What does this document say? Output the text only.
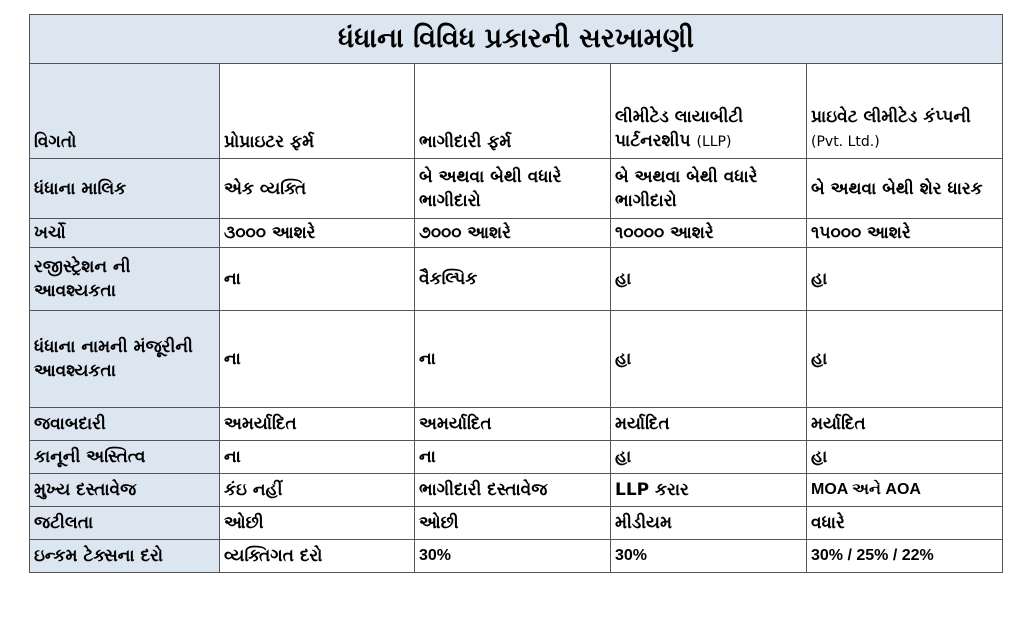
ધંધાના વિવિધ પ્રકારની સરખામણી				
વિગતો	પ્રોપ્રાઇટર ફર્મ	ભાગીદારી ફર્મ	લીમીટેડ લાયાબીટી પાર્ટનરશીપ (LLP)	પ્રાઇવેટ લીમીટેડ કંપ્પની (Pvt. Ltd.)
ધંધાના માલિક	એક વ્યક્તિ	બે અથવા બેથી વધારે ભાગીદારો	બે અથવા બેથી વધારે ભાગીદારો	બે અથવા બેથી શેર ધારક
ખર્ચો	૩૦૦૦ આશરે	૭૦૦૦ આશરે	૧૦૦૦૦ આશરે	૧૫૦૦૦ આશરે
રજીસ્ટ્રેશન ની આવશ્યકતા	ના	વૈકલ્પિક	હા	હા
ધંધાના નામની મંજૂરીની આવશ્યકતા	ના	ના	હા	હા
જવાબદારી	અમર્યાદિત	અમર્યાદિત	મર્યાદિત	મર્યાદિત
કાનૂની અસ્તિત્વ	ના	ના	હા	હા
મુખ્ય દસ્તાવેજ	કંઇ નહીં	ભાગીદારી દસ્તાવેજ	LLP કરાર	MOA અને AOA
જટીલતા	ઓછી	ઓછી	મીડીયમ	વધારે
ઇન્કમ ટેક્સના દરો	વ્યક્તિગત દરો	30%	30%	30% / 25% / 22%
